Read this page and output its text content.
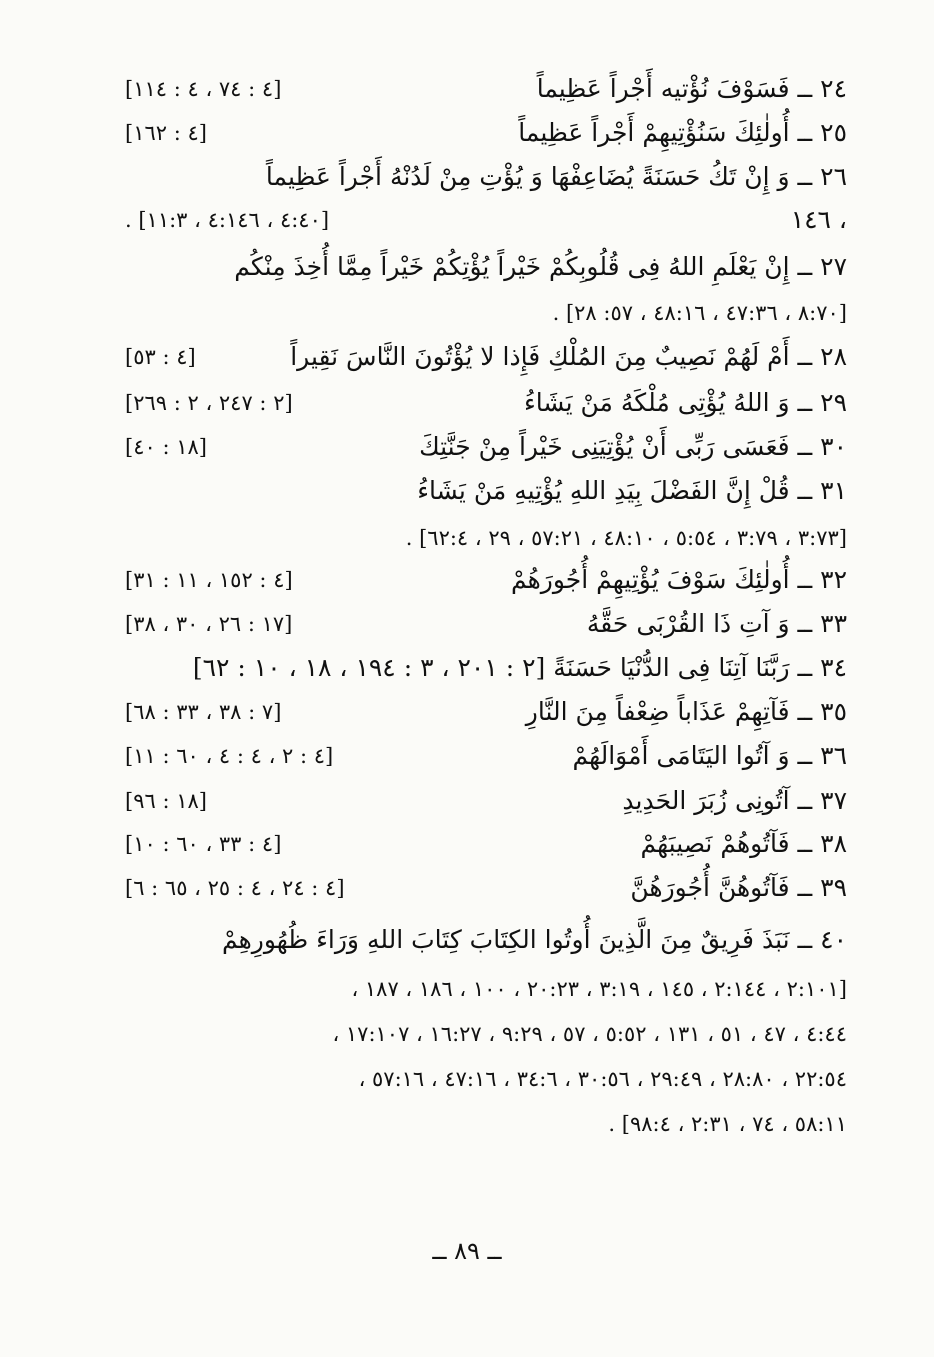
٢٤ ــ فَسَوْفَ نُؤْتيه أَجْراً عَظِيماً
[٤ : ٧٤ ، ٤ : ١١٤]
٢٥ ــ أُولٰئِكَ سَنُؤْتِيهِمْ أَجْراً عَظِيماً
[٤ : ١٦٢]
٢٦ ــ وَ إِنْ تَكُ حَسَنَةً يُضَاعِفْهَا وَ يُؤْتِ مِنْ لَدُنْهُ أَجْراً عَظِيماً
، ١٤٦
[٤:٤٠ ، ٤:١٤٦ ، ١١:٣] .
٢٧ ــ إِنْ يَعْلَمِ اللهُ فِى قُلُوبِكُمْ خَيْراً يُؤْتِكُمْ خَيْراً مِمَّا أُخِذَ مِنْكُم
[٨:٧٠ ، ٤٧:٣٦ ، ٤٨:١٦ ، ٥٧: ٢٨] .
٢٨ ــ أَمْ لَهُمْ نَصِيبٌ مِنَ المُلْكِ فَإِذا لا يُؤْتُونَ النَّاسَ نَقِيراً
[٤ : ٥٣]
٢٩ ــ وَ اللهُ يُؤْتِى مُلْكَهُ مَنْ يَشَاءُ
[٢ : ٢٤٧ ، ٢ : ٢٦٩]
٣٠ ــ فَعَسَى رَبِّى أَنْ يُؤْتِيَنِى خَيْراً مِنْ جَنَّتِكَ
[١٨ : ٤٠]
٣١ ــ قُلْ إِنَّ الفَضْلَ بِيَدِ اللهِ يُؤْتِيهِ مَنْ يَشَاءُ
[٣:٧٣ ، ٣:٧٩ ، ٥:٥٤ ، ٤٨:١٠ ، ٥٧:٢١ ، ٢٩ ، ٦٢:٤] .
٣٢ ــ أُولٰئِكَ سَوْفَ يُؤْتِيهِمْ أُجُورَهُمْ
[٤ : ١٥٢ ، ١١ : ٣١]
٣٣ ــ وَ آتِ ذَا القُرْبَى حَقَّهُ
[١٧ : ٢٦ ، ٣٠ ، ٣٨]
٣٤ ــ رَبَّنَا آتِنَا فِى الدُّنْيَا حَسَنَةً [٢ : ٢٠١ ، ٣ : ١٩٤ ، ١٨ ، ١٠ : ٦٢]
٣٥ ــ فَآتِهِمْ عَذَاباً ضِعْفاً مِنَ النَّارِ
[٧ : ٣٨ ، ٣٣ : ٦٨]
٣٦ ــ وَ آتُوا اليَتَامَى أَمْوَالَهُمْ
[٤ : ٢ ، ٤ : ٤ ، ٦٠ : ١١]
٣٧ ــ آتُونِى زُبَرَ الحَدِيدِ
[١٨ : ٩٦]
٣٨ ــ فَآتُوهُمْ نَصِيبَهُمْ
[٤ : ٣٣ ، ٦٠ : ١٠]
٣٩ ــ فَآتُوهُنَّ أُجُورَهُنَّ
[٤ : ٢٤ ، ٤ : ٢٥ ، ٦٥ : ٦]
٤٠ ــ نَبَذَ فَرِيقٌ مِنَ الَّذِينَ أُوتُوا الكِتَابَ كِتَابَ اللهِ وَرَاءَ ظُهُورِهِمْ
[٢:١٠١ ، ٢:١٤٤ ، ١٤٥ ، ٣:١٩ ، ٢٠:٢٣ ، ١٠٠ ، ١٨٦ ، ١٨٧ ،
٤:٤٤ ، ٤٧ ، ٥١ ، ١٣١ ، ٥:٥٢ ، ٥٧ ، ٩:٢٩ ، ١٦:٢٧ ، ١٧:١٠٧ ،
٢٢:٥٤ ، ٢٨:٨٠ ، ٢٩:٤٩ ، ٣٠:٥٦ ، ٣٤:٦ ، ٤٧:١٦ ، ٥٧:١٦ ،
٥٨:١١ ، ٧٤ ، ٢:٣١ ، ٩٨:٤] .
ــ ٨٩ ــ
